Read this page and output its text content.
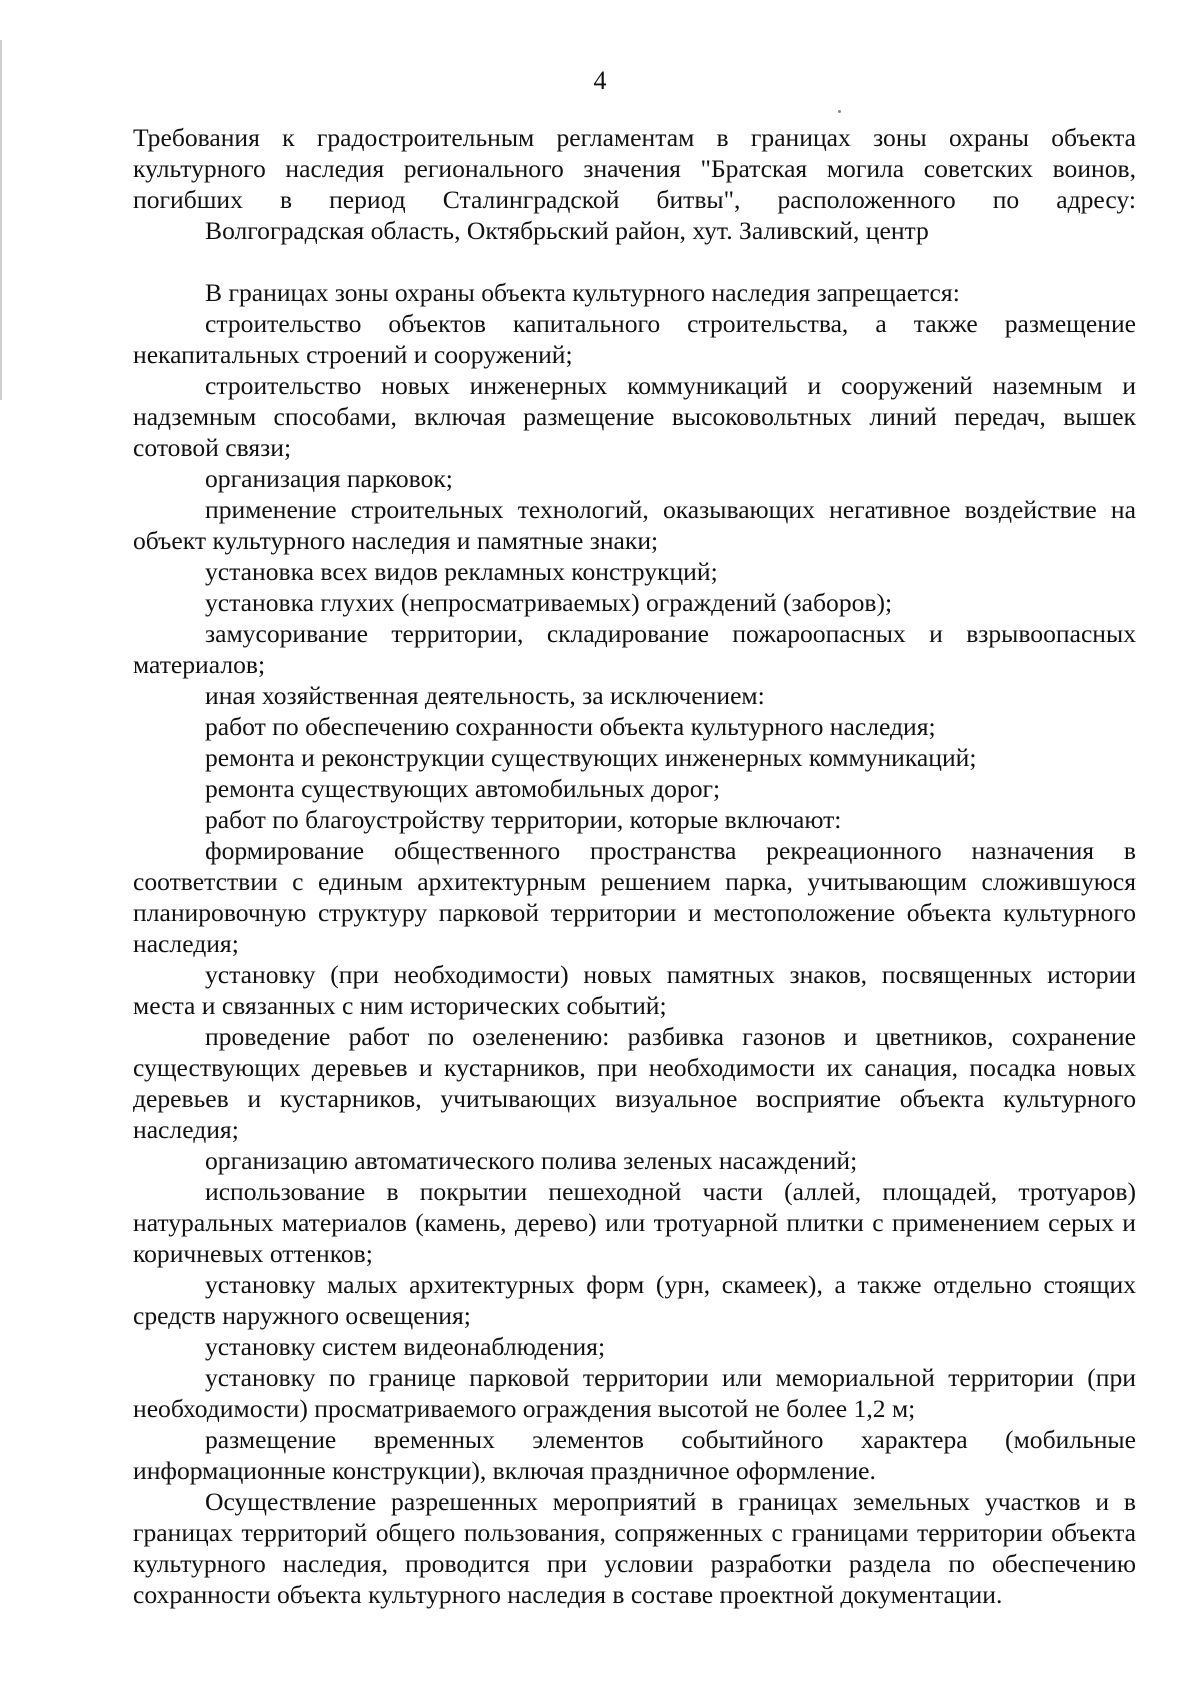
4

Требования к градостроительным регламентам в границах зоны охраны объекта

культурного наследия регионального значения "Братская могила советских воинов,

погибших в период Сталинградской битвы", расположенного по адресу:

Волгоградская область, Октябрьский район, хут. Заливский, центр

В границах зоны охраны объекта культурного наследия запрещается:

строительство объектов капитального строительства, а также размещение некапитальных строений и сооружений;

строительство новых инженерных коммуникаций и сооружений наземным и надземным способами, включая размещение высоковольтных линий передач, вышек сотовой связи;

организация парковок;

применение строительных технологий, оказывающих негативное воздействие на объект культурного наследия и памятные знаки;

установка всех видов рекламных конструкций;

установка глухих (непросматриваемых) ограждений (заборов);

замусоривание территории, складирование пожароопасных и взрывоопасных материалов;

иная хозяйственная деятельность, за исключением:

работ по обеспечению сохранности объекта культурного наследия;

ремонта и реконструкции существующих инженерных коммуникаций;

ремонта существующих автомобильных дорог;

работ по благоустройству территории, которые включают:

формирование общественного пространства рекреационного назначения в соответствии с единым архитектурным решением парка, учитывающим сложившуюся планировочную структуру парковой территории и местоположение объекта культурного наследия;

установку (при необходимости) новых памятных знаков, посвященных истории места и связанных с ним исторических событий;

проведение работ по озеленению: разбивка газонов и цветников, сохранение существующих деревьев и кустарников, при необходимости их санация, посадка новых деревьев и кустарников, учитывающих визуальное восприятие объекта культурного наследия;

организацию автоматического полива зеленых насаждений;

использование в покрытии пешеходной части (аллей, площадей, тротуаров) натуральных материалов (камень, дерево) или тротуарной плитки с применением серых и коричневых оттенков;

установку малых архитектурных форм (урн, скамеек), а также отдельно стоящих средств наружного освещения;

установку систем видеонаблюдения;

установку по границе парковой территории или мемориальной территории (при необходимости) просматриваемого ограждения высотой не более 1,2 м;

размещение временных элементов событийного характера (мобильные информационные конструкции), включая праздничное оформление.

Осуществление разрешенных мероприятий в границах земельных участков и в границах территорий общего пользования, сопряженных с границами территории объекта культурного наследия, проводится при условии разработки раздела по обеспечению сохранности объекта культурного наследия в составе проектной документации.
